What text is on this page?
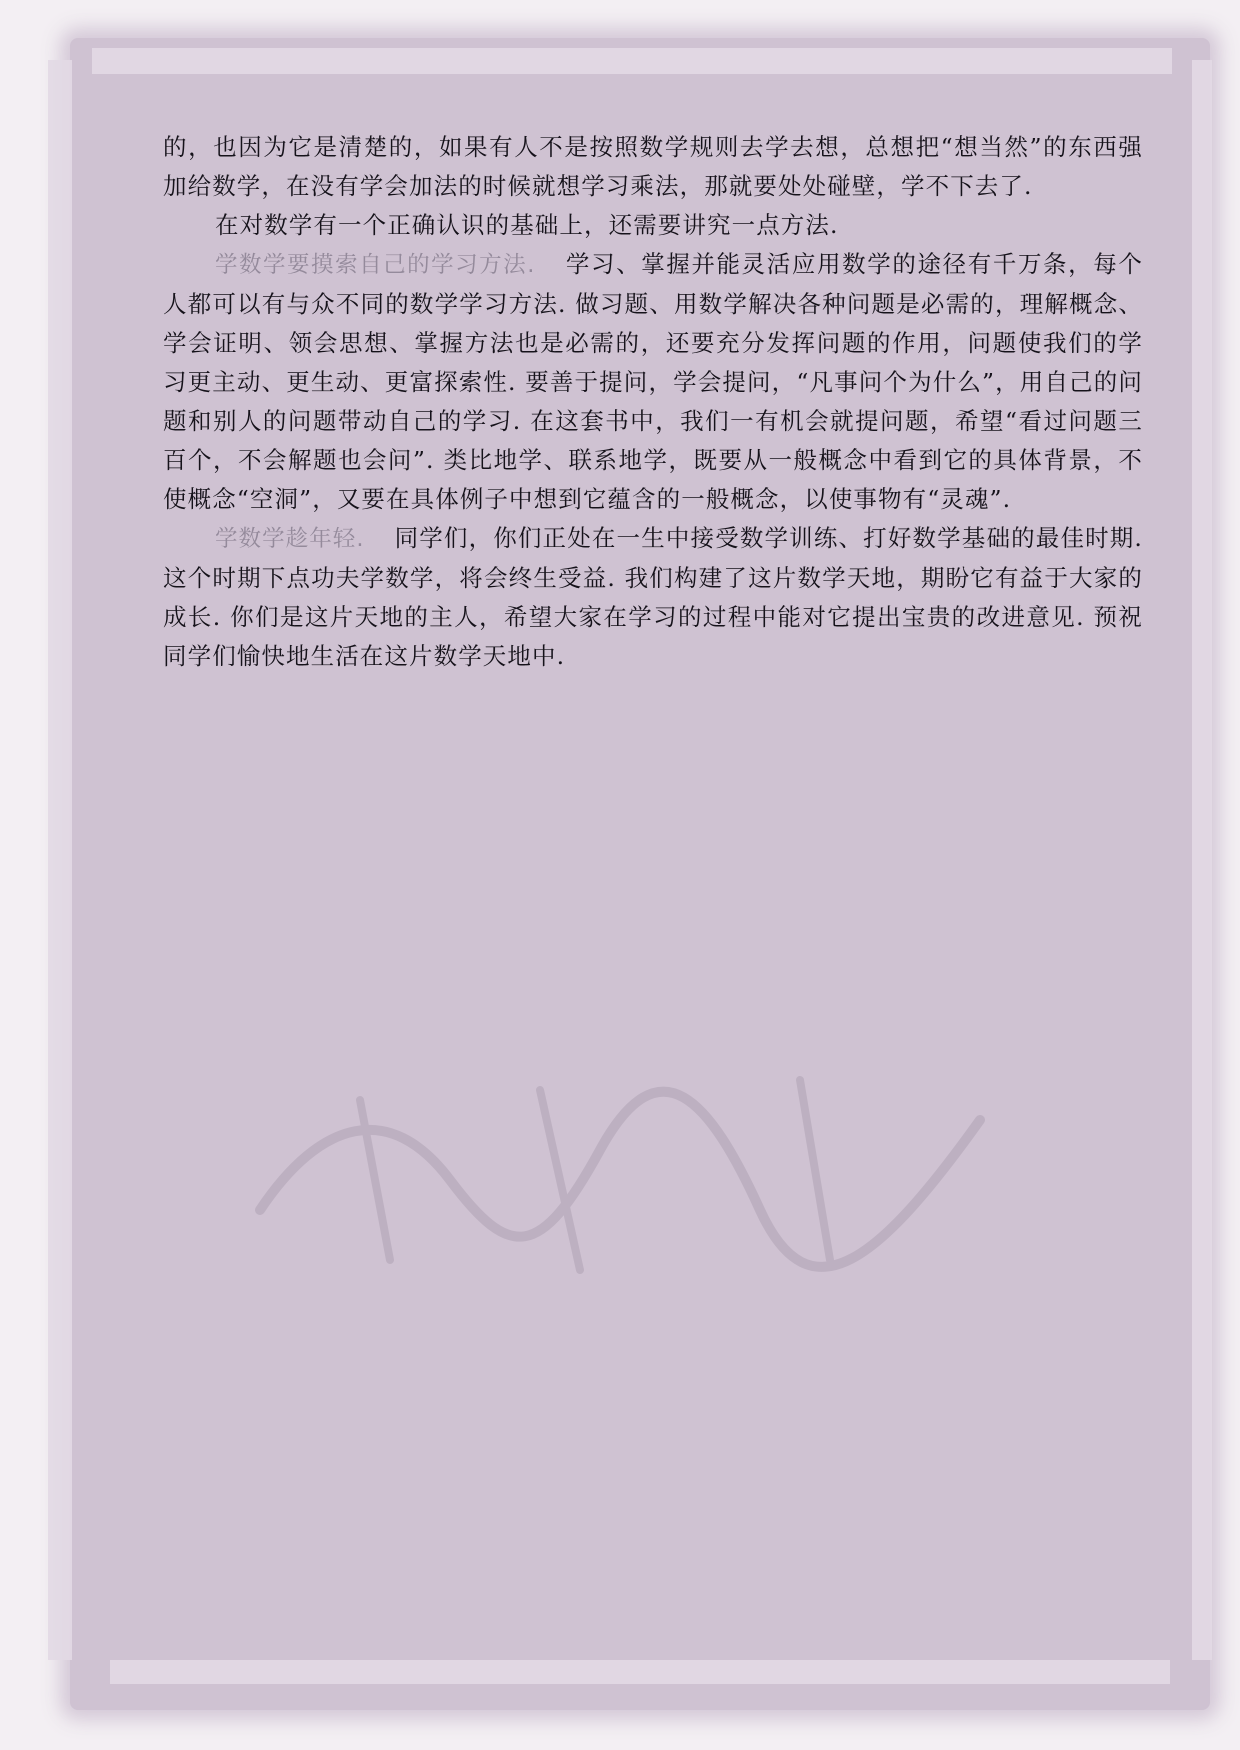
的，也因为它是清楚的，如果有人不是按照数学规则去学去想，总想把“想当然”的东西强加给数学，在没有学会加法的时候就想学习乘法，那就要处处碰壁，学不下去了.

在对数学有一个正确认识的基础上，还需要讲究一点方法.

学数学要摸索自己的学习方法. 学习、掌握并能灵活应用数学的途径有千万条，每个人都可以有与众不同的数学学习方法. 做习题、用数学解决各种问题是必需的，理解概念、学会证明、领会思想、掌握方法也是必需的，还要充分发挥问题的作用，问题使我们的学习更主动、更生动、更富探索性. 要善于提问，学会提问，“凡事问个为什么”，用自己的问题和别人的问题带动自己的学习. 在这套书中，我们一有机会就提问题，希望“看过问题三百个，不会解题也会问”. 类比地学、联系地学，既要从一般概念中看到它的具体背景，不使概念“空洞”，又要在具体例子中想到它蕴含的一般概念，以使事物有“灵魂”.

学数学趁年轻. 同学们，你们正处在一生中接受数学训练、打好数学基础的最佳时期. 这个时期下点功夫学数学，将会终生受益. 我们构建了这片数学天地，期盼它有益于大家的成长. 你们是这片天地的主人，希望大家在学习的过程中能对它提出宝贵的改进意见. 预祝同学们愉快地生活在这片数学天地中.
